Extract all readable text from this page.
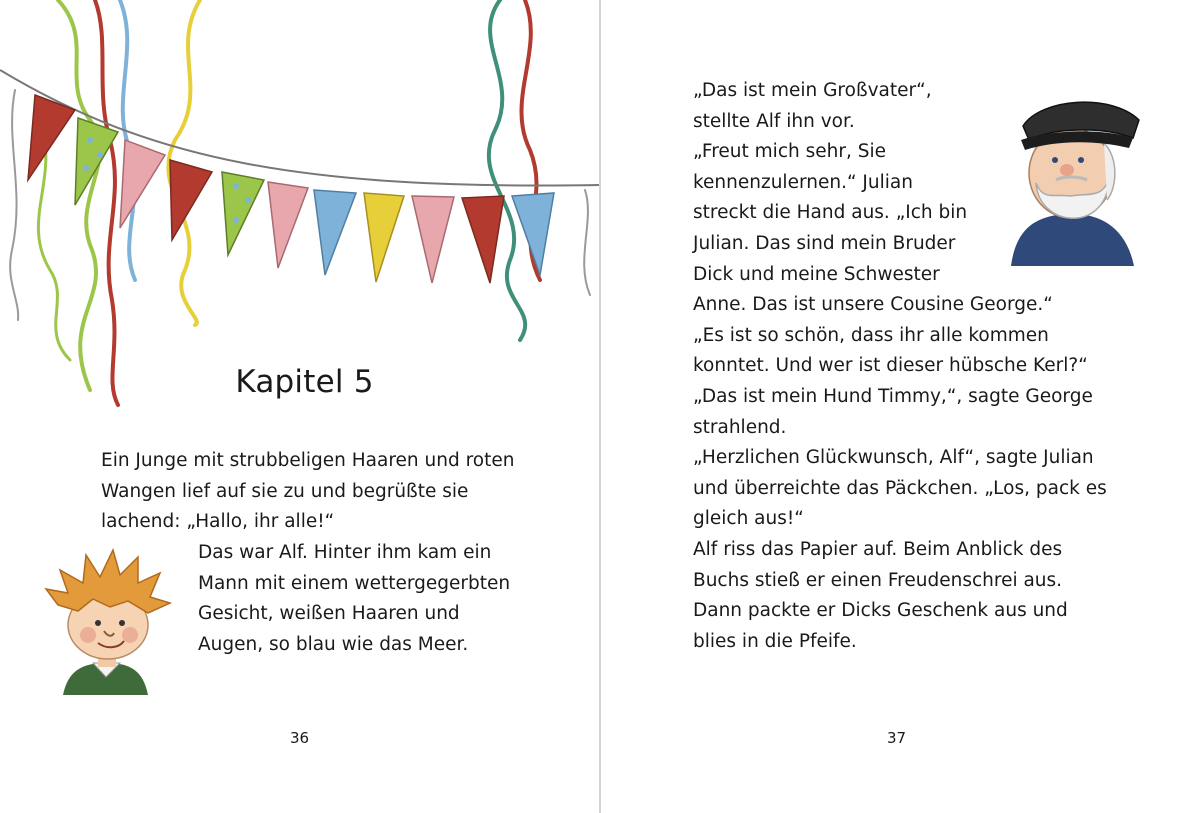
Kapitel 5
Ein Junge mit strubbeligen Haaren und roten
Wangen lief auf sie zu und begrüßte sie
lachend: „Hallo, ihr alle!“
Das war Alf. Hinter ihm kam ein
Mann mit einem wettergegerbten
Gesicht, weißen Haaren und
Augen, so blau wie das Meer.
36
„Das ist mein Großvater“,
stellte Alf ihn vor.
„Freut mich sehr, Sie
kennenzulernen.“ Julian
streckt die Hand aus. „Ich bin
Julian. Das sind mein Bruder
Dick und meine Schwester
Anne. Das ist unsere Cousine George.“
„Es ist so schön, dass ihr alle kommen
konntet. Und wer ist dieser hübsche Kerl?“
„Das ist mein Hund Timmy,“, sagte George
strahlend.
„Herzlichen Glückwunsch, Alf“, sagte Julian
und überreichte das Päckchen. „Los, pack es
gleich aus!“
Alf riss das Papier auf. Beim Anblick des
Buchs stieß er einen Freudenschrei aus.
Dann packte er Dicks Geschenk aus und
blies in die Pfeife.
37
